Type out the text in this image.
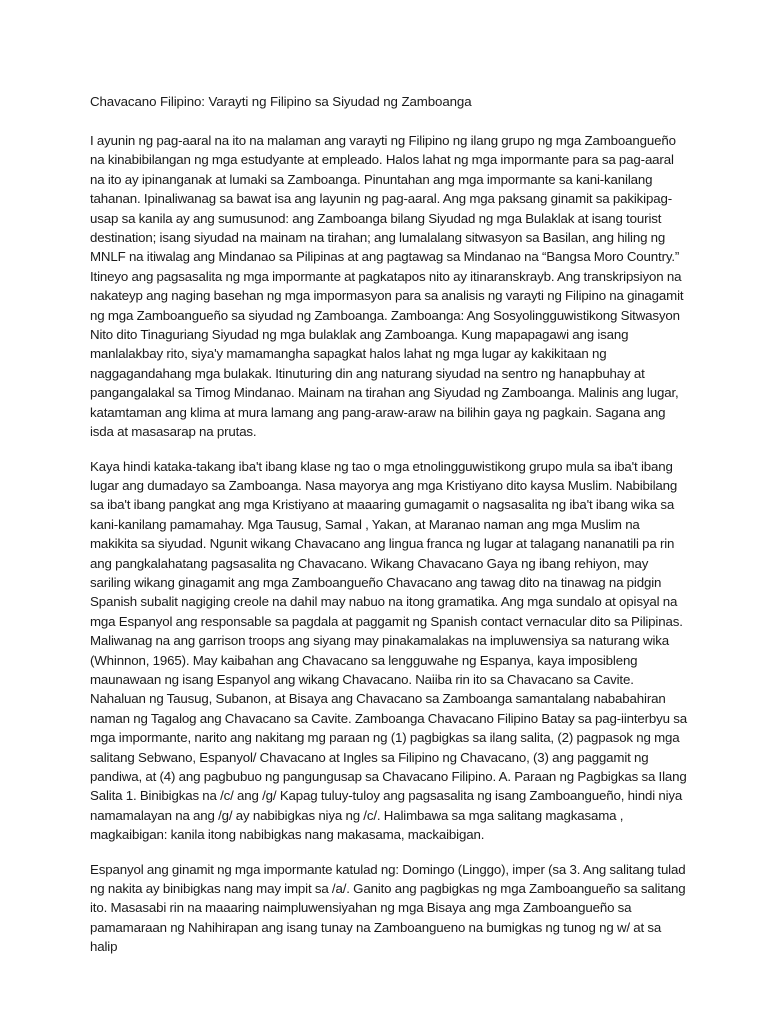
Chavacano Filipino: Varayti ng Filipino sa Siyudad ng Zamboanga

I ayunin ng pag-aaral na ito na malaman ang varayti ng Filipino ng ilang grupo ng mga Zamboangueño na kinabibilangan ng mga estudyante at empleado. Halos lahat ng mga impormante para sa pag-aaral na ito ay ipinanganak at lumaki sa Zamboanga. Pinuntahan ang mga impormante sa kani-kanilang tahanan. Ipinaliwanag sa bawat isa ang layunin ng pag-aaral. Ang mga paksang ginamit sa pakikipag-usap sa kanila ay ang sumusunod: ang Zamboanga bilang Siyudad ng mga Bulaklak at isang tourist destination; isang siyudad na mainam na tirahan; ang lumalalang sitwasyon sa Basilan, ang hiling ng MNLF na itiwalag ang Mindanao sa Pilipinas at ang pagtawag sa Mindanao na “Bangsa Moro Country.” Itineyo ang pagsasalita ng mga impormante at pagkatapos nito ay itinaranskrayb. Ang transkripsiyon na nakateyp ang naging basehan ng mga impormasyon para sa analisis ng varayti ng Filipino na ginagamit ng mga Zamboangueño sa siyudad ng Zamboanga. Zamboanga: Ang Sosyolingguwistikong Sitwasyon Nito dito Tinaguriang Siyudad ng mga bulaklak ang Zamboanga. Kung mapapagawi ang isang manlalakbay rito, siya'y mamamangha sapagkat halos lahat ng mga lugar ay kakikitaan ng naggagandahang mga bulakak. Itinuturing din ang naturang siyudad na sentro ng hanapbuhay at pangangalakal sa Timog Mindanao. Mainam na tirahan ang Siyudad ng Zamboanga. Malinis ang lugar, katamtaman ang klima at mura lamang ang pang-araw-araw na bilihin gaya ng pagkain. Sagana ang isda at masasarap na prutas.

Kaya hindi kataka-takang iba't ibang klase ng tao o mga etnolingguwistikong grupo mula sa iba't ibang lugar ang dumadayo sa Zamboanga. Nasa mayorya ang mga Kristiyano dito kaysa Muslim. Nabibilang sa iba't ibang pangkat ang mga Kristiyano at maaaring gumagamit o nagsasalita ng iba't ibang wika sa kani-kanilang pamamahay. Mga Tausug, Samal , Yakan, at Maranao naman ang mga Muslim na makikita sa siyudad. Ngunit wikang Chavacano ang lingua franca ng lugar at talagang nananatili pa rin ang pangkalahatang pagsasalita ng Chavacano. Wikang Chavacano Gaya ng ibang rehiyon, may sariling wikang ginagamit ang mga Zamboangueño Chavacano ang tawag dito na tinawag na pidgin Spanish subalit nagiging creole na dahil may nabuo na itong gramatika. Ang mga sundalo at opisyal na mga Espanyol ang responsable sa pagdala at paggamit ng Spanish contact vernacular dito sa Pilipinas. Maliwanag na ang garrison troops ang siyang may pinakamalakas na impluwensiya sa naturang wika (Whinnon, 1965). May kaibahan ang Chavacano sa lengguwahe ng Espanya, kaya imposibleng maunawaan ng isang Espanyol ang wikang Chavacano. Naiiba rin ito sa Chavacano sa Cavite. Nahaluan ng Tausug, Subanon, at Bisaya ang Chavacano sa Zamboanga samantalang nababahiran naman ng Tagalog ang Chavacano sa Cavite. Zamboanga Chavacano Filipino Batay sa pag-iinterbyu sa mga impormante, narito ang nakitang mg paraan ng (1) pagbigkas sa ilang salita, (2) pagpasok ng mga salitang Sebwano, Espanyol/ Chavacano at Ingles sa Filipino ng Chavacano, (3) ang paggamit ng pandiwa, at (4) ang pagbubuo ng pangungusap sa Chavacano Filipino. A. Paraan ng Pagbigkas sa Ilang Salita 1. Binibigkas na /c/ ang /g/ Kapag tuluy-tuloy ang pagsasalita ng isang Zamboangueño, hindi niya namamalayan na ang /g/ ay nabibigkas niya ng /c/. Halimbawa sa mga salitang magkasama , magkaibigan: kanila itong nabibigkas nang makasama, mackaibigan.

Espanyol ang ginamit ng mga impormante katulad ng: Domingo (Linggo), imper (sa 3. Ang salitang tulad ng nakita ay binibigkas nang may impit sa /a/. Ganito ang pagbigkas ng mga Zamboangueño sa salitang ito. Masasabi rin na maaaring naimpluwensiyahan ng mga Bisaya ang mga Zamboangueño sa pamamaraan ng Nahihirapan ang isang tunay na Zamboangueno na bumigkas ng tunog ng w/ at sa halip
